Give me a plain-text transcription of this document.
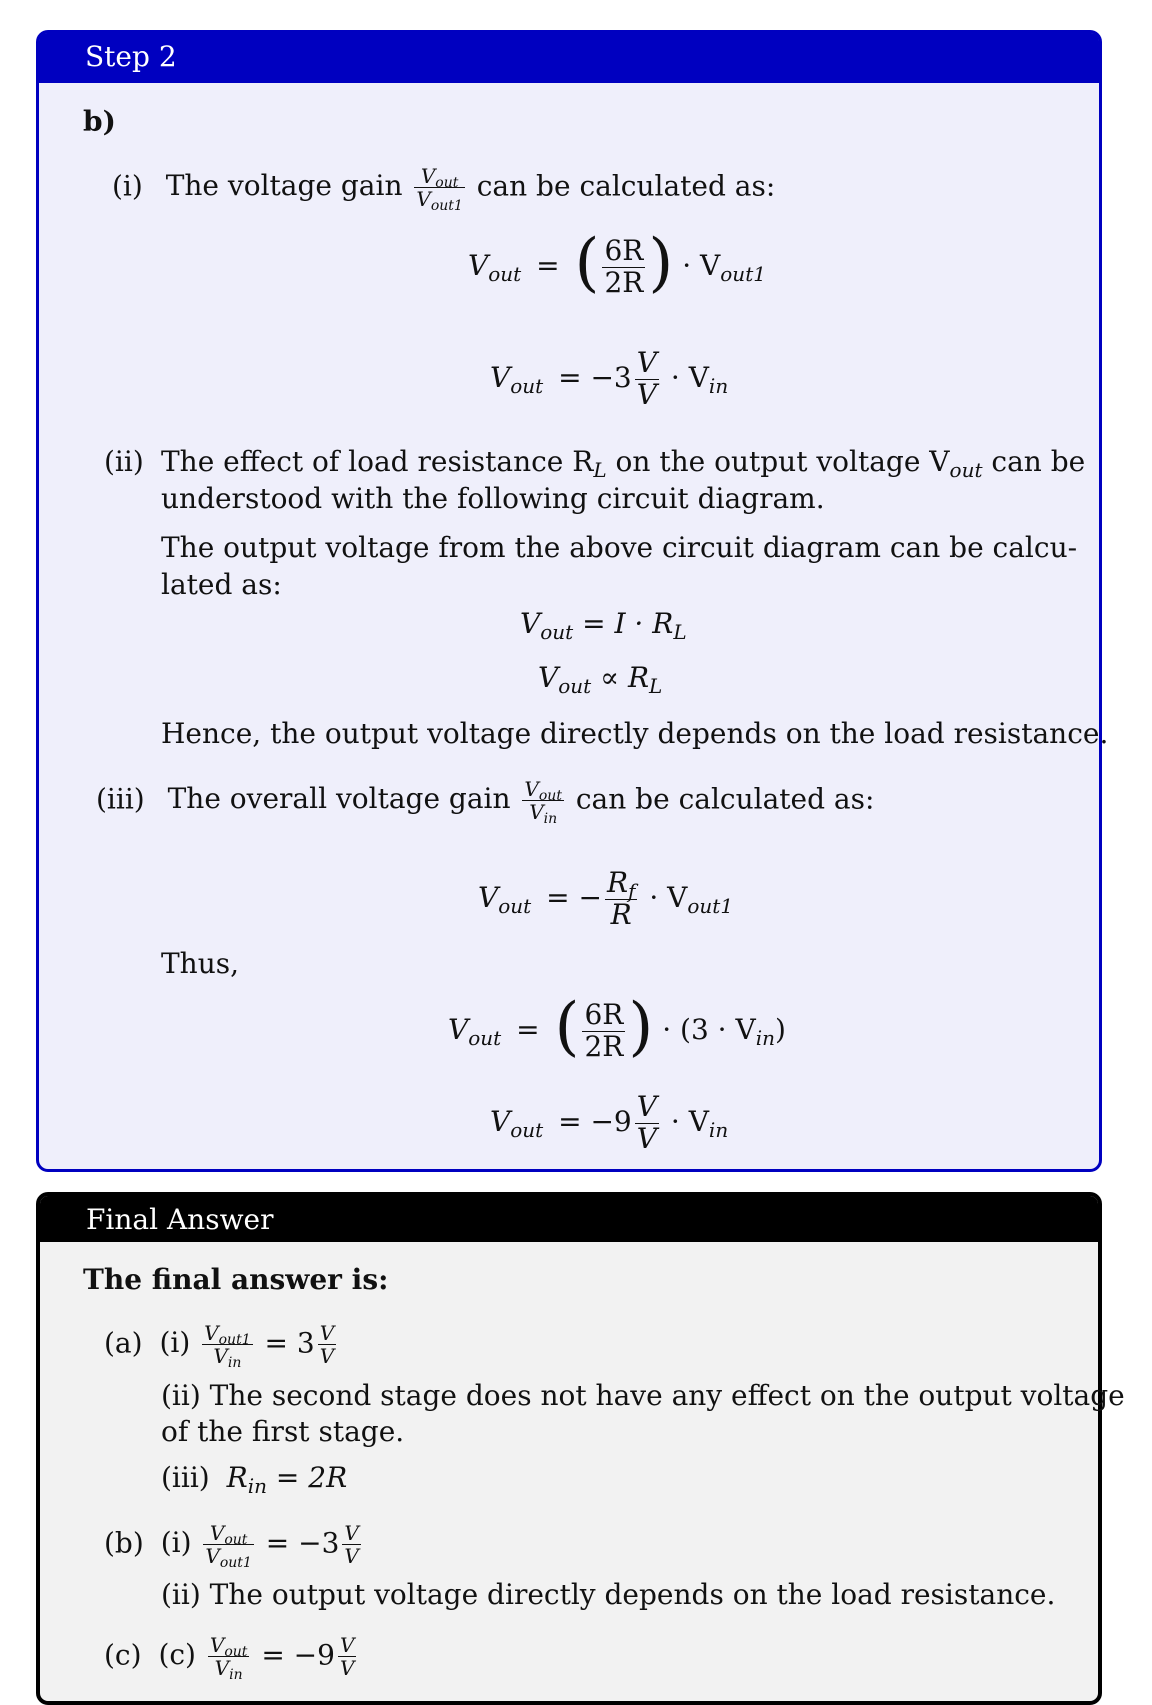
Step 2
b)
(i) The voltage gain $\frac{V_{out}}{V_{out1}}$ can be calculated as:
$V_{out}$ = ( $\frac{6R}{2R}$ ) · $V_{out1}$
$V_{out} = -3 \frac{V}{V} \cdot V_{in}$
(ii) The effect of load resistance $R_L$ on the output voltage $V_{out}$ can be
understood with the following circuit diagram.
The output voltage from the above circuit diagram can be calcu-
lated as:
$V_{out} = I \cdot R_L$
$V_{out} \propto R_L$
Hence, the output voltage directly depends on the load resistance.
(iii) The overall voltage gain $\frac{V_{out}}{V_{in}}$ can be calculated as:
$V_{out}$ = − $\frac{R_f}{R} \cdot V_{out1}$
Thus,
$V_{out}$ = ( $\frac{6R}{2R}$ ) · $(3 \cdot V_{in})$
$V_{out} = -9 \frac{V}{V} \cdot V_{in}$
Final Answer
The final answer is:
(a) $(i) \frac{V_{out1}}{V_{in}} = 3 \frac{V}{V}$
(ii) The second stage does not have any effect on the output voltage
of the first stage.
(iii) $R_{in} = 2R$
(b) $(i) \frac{V_{out}}{V_{out1}} = -3 \frac{V}{V}$
(ii) The output voltage directly depends on the load resistance.
(c) $(c) \frac{V_{out}}{V_{in}} = -9 \frac{V}{V}$
